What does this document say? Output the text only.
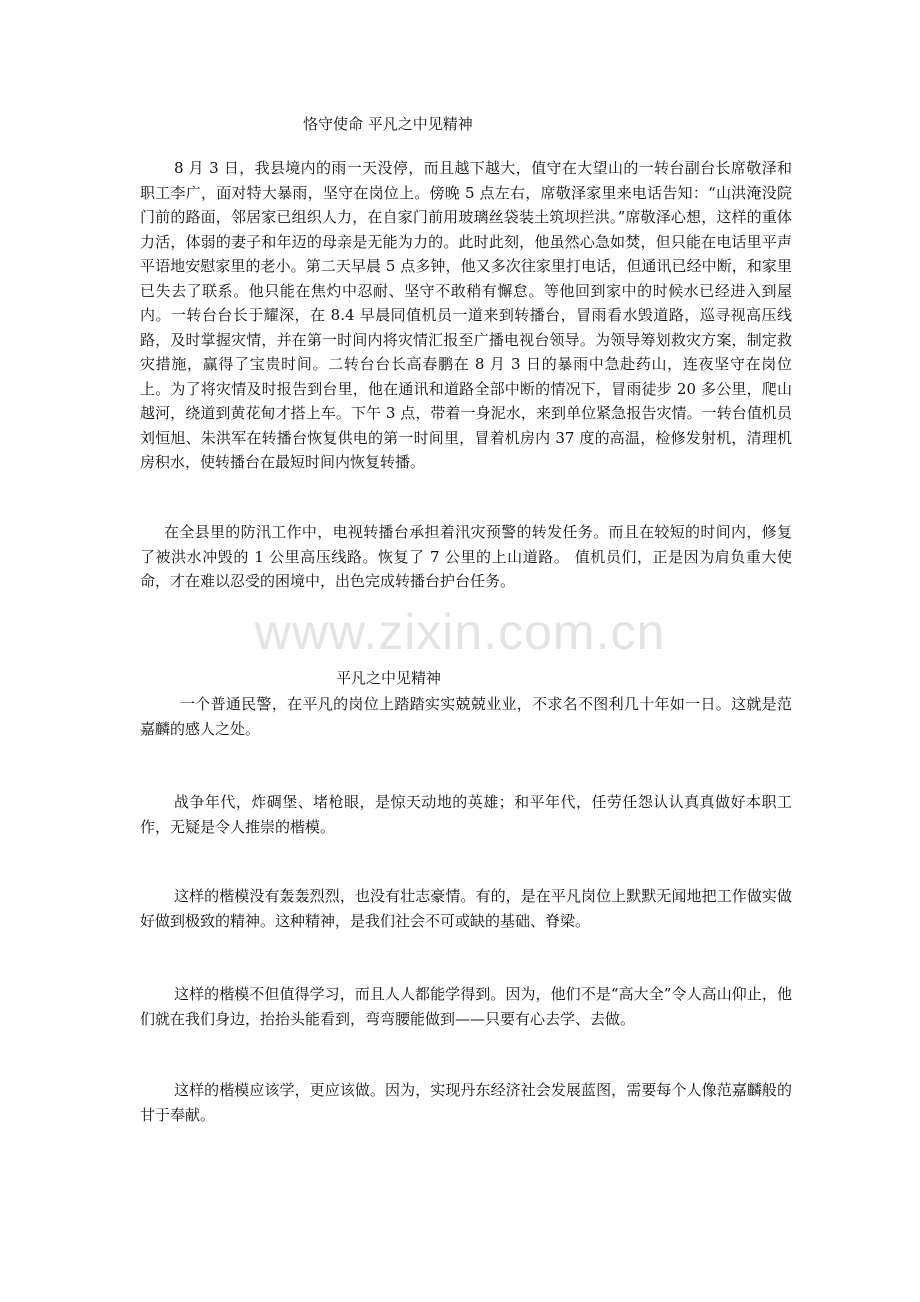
恪守使命 平凡之中见精神

8 月 3 日，我县境内的雨一天没停，而且越下越大，值守在大望山的一转台副台长席敬泽和职工李广，面对特大暴雨，坚守在岗位上。傍晚 5 点左右，席敬泽家里来电话告知：“山洪淹没院门前的路面，邻居家已组织人力，在自家门前用玻璃丝袋装土筑坝拦洪。”席敬泽心想，这样的重体力活，体弱的妻子和年迈的母亲是无能为力的。此时此刻，他虽然心急如焚，但只能在电话里平声平语地安慰家里的老小。第二天早晨 5 点多钟，他又多次往家里打电话，但通讯已经中断，和家里已失去了联系。他只能在焦灼中忍耐、坚守不敢稍有懈怠。等他回到家中的时候水已经进入到屋内。一转台台长于耀深，在 8.4 早晨同值机员一道来到转播台，冒雨看水毁道路，巡寻视高压线路，及时掌握灾情，并在第一时间内将灾情汇报至广播电视台领导。为领导筹划救灾方案，制定救灾措施，赢得了宝贵时间。二转台台长高春鹏在 8 月 3 日的暴雨中急赴药山，连夜坚守在岗位上。为了将灾情及时报告到台里，他在通讯和道路全部中断的情况下，冒雨徒步 20 多公里，爬山越河，绕道到黄花甸才搭上车。下午 3 点，带着一身泥水，来到单位紧急报告灾情。一转台值机员刘恒旭、朱洪军在转播台恢复供电的第一时间里，冒着机房内 37 度的高温，检修发射机，清理机房积水，使转播台在最短时间内恢复转播。

在全县里的防汛工作中，电视转播台承担着汛灾预警的转发任务。而且在较短的时间内，修复了被洪水冲毁的 1 公里高压线路。恢复了 7 公里的上山道路。 值机员们，正是因为肩负重大使命，才在难以忍受的困境中，出色完成转播台护台任务。

www.zixin.com.cn
平凡之中见精神

一个普通民警，在平凡的岗位上踏踏实实兢兢业业，不求名不图利几十年如一日。这就是范嘉麟的感人之处。

战争年代，炸碉堡、堵枪眼，是惊天动地的英雄；和平年代，任劳任怨认认真真做好本职工作，无疑是令人推崇的楷模。

这样的楷模没有轰轰烈烈，也没有壮志豪情。有的，是在平凡岗位上默默无闻地把工作做实做好做到极致的精神。这种精神，是我们社会不可或缺的基础、脊梁。

这样的楷模不但值得学习，而且人人都能学得到。因为，他们不是“高大全”令人高山仰止，他们就在我们身边，抬抬头能看到，弯弯腰能做到——只要有心去学、去做。

这样的楷模应该学，更应该做。因为，实现丹东经济社会发展蓝图，需要每个人像范嘉麟般的甘于奉献。
